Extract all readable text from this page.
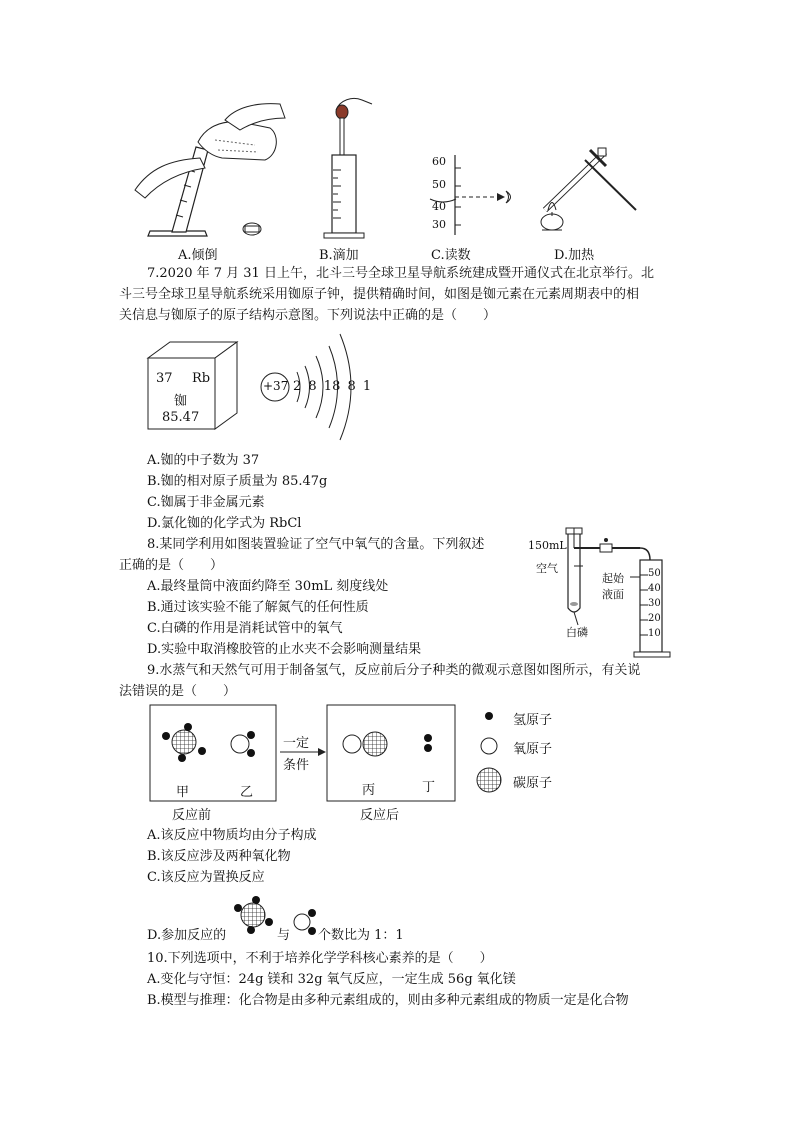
60
50
40
30
A.倾倒	B.滴加	C.读数	D.加热
7.2020 年 7 月 31 日上午，北斗三号全球卫星导航系统建成暨开通仪式在北京举行。北
斗三号全球卫星导航系统采用铷原子钟，提供精确时间，如图是铷元素在元素周期表中的相
关信息与铷原子的原子结构示意图。下列说法中正确的是（　　）
37 Rb
铷
85.47
+37 2 8 18 8 1
A.铷的中子数为 37
B.铷的相对原子质量为 85.47g
C.铷属于非金属元素
D.氯化铷的化学式为 RbCl
8.某同学利用如图装置验证了空气中氧气的含量。下列叙述
正确的是（　　）
A.最终量筒中液面约降至 30mL 刻度线处
B.通过该实验不能了解氮气的任何性质
C.白磷的作用是消耗试管中的氧气
D.实验中取消橡胶管的止水夹不会影响测量结果
150mL
空气
白磷
起始
液面
50
40
30
20
10
9.水蒸气和天然气可用于制备氢气，反应前后分子种类的微观示意图如图所示，有关说
法错误的是（　　）
一定
条件
甲	乙	丙	丁
反应前	反应后
氢原子
氧原子
碳原子
A.该反应中物质均由分子构成
B.该反应涉及两种氧化物
C.该反应为置换反应
D.参加反应的	与 个数比为 1：1
10.下列选项中，不利于培养化学学科核心素养的是（　　）
A.变化与守恒：24g 镁和 32g 氧气反应，一定生成 56g 氧化镁
B.模型与推理：化合物是由多种元素组成的，则由多种元素组成的物质一定是化合物
